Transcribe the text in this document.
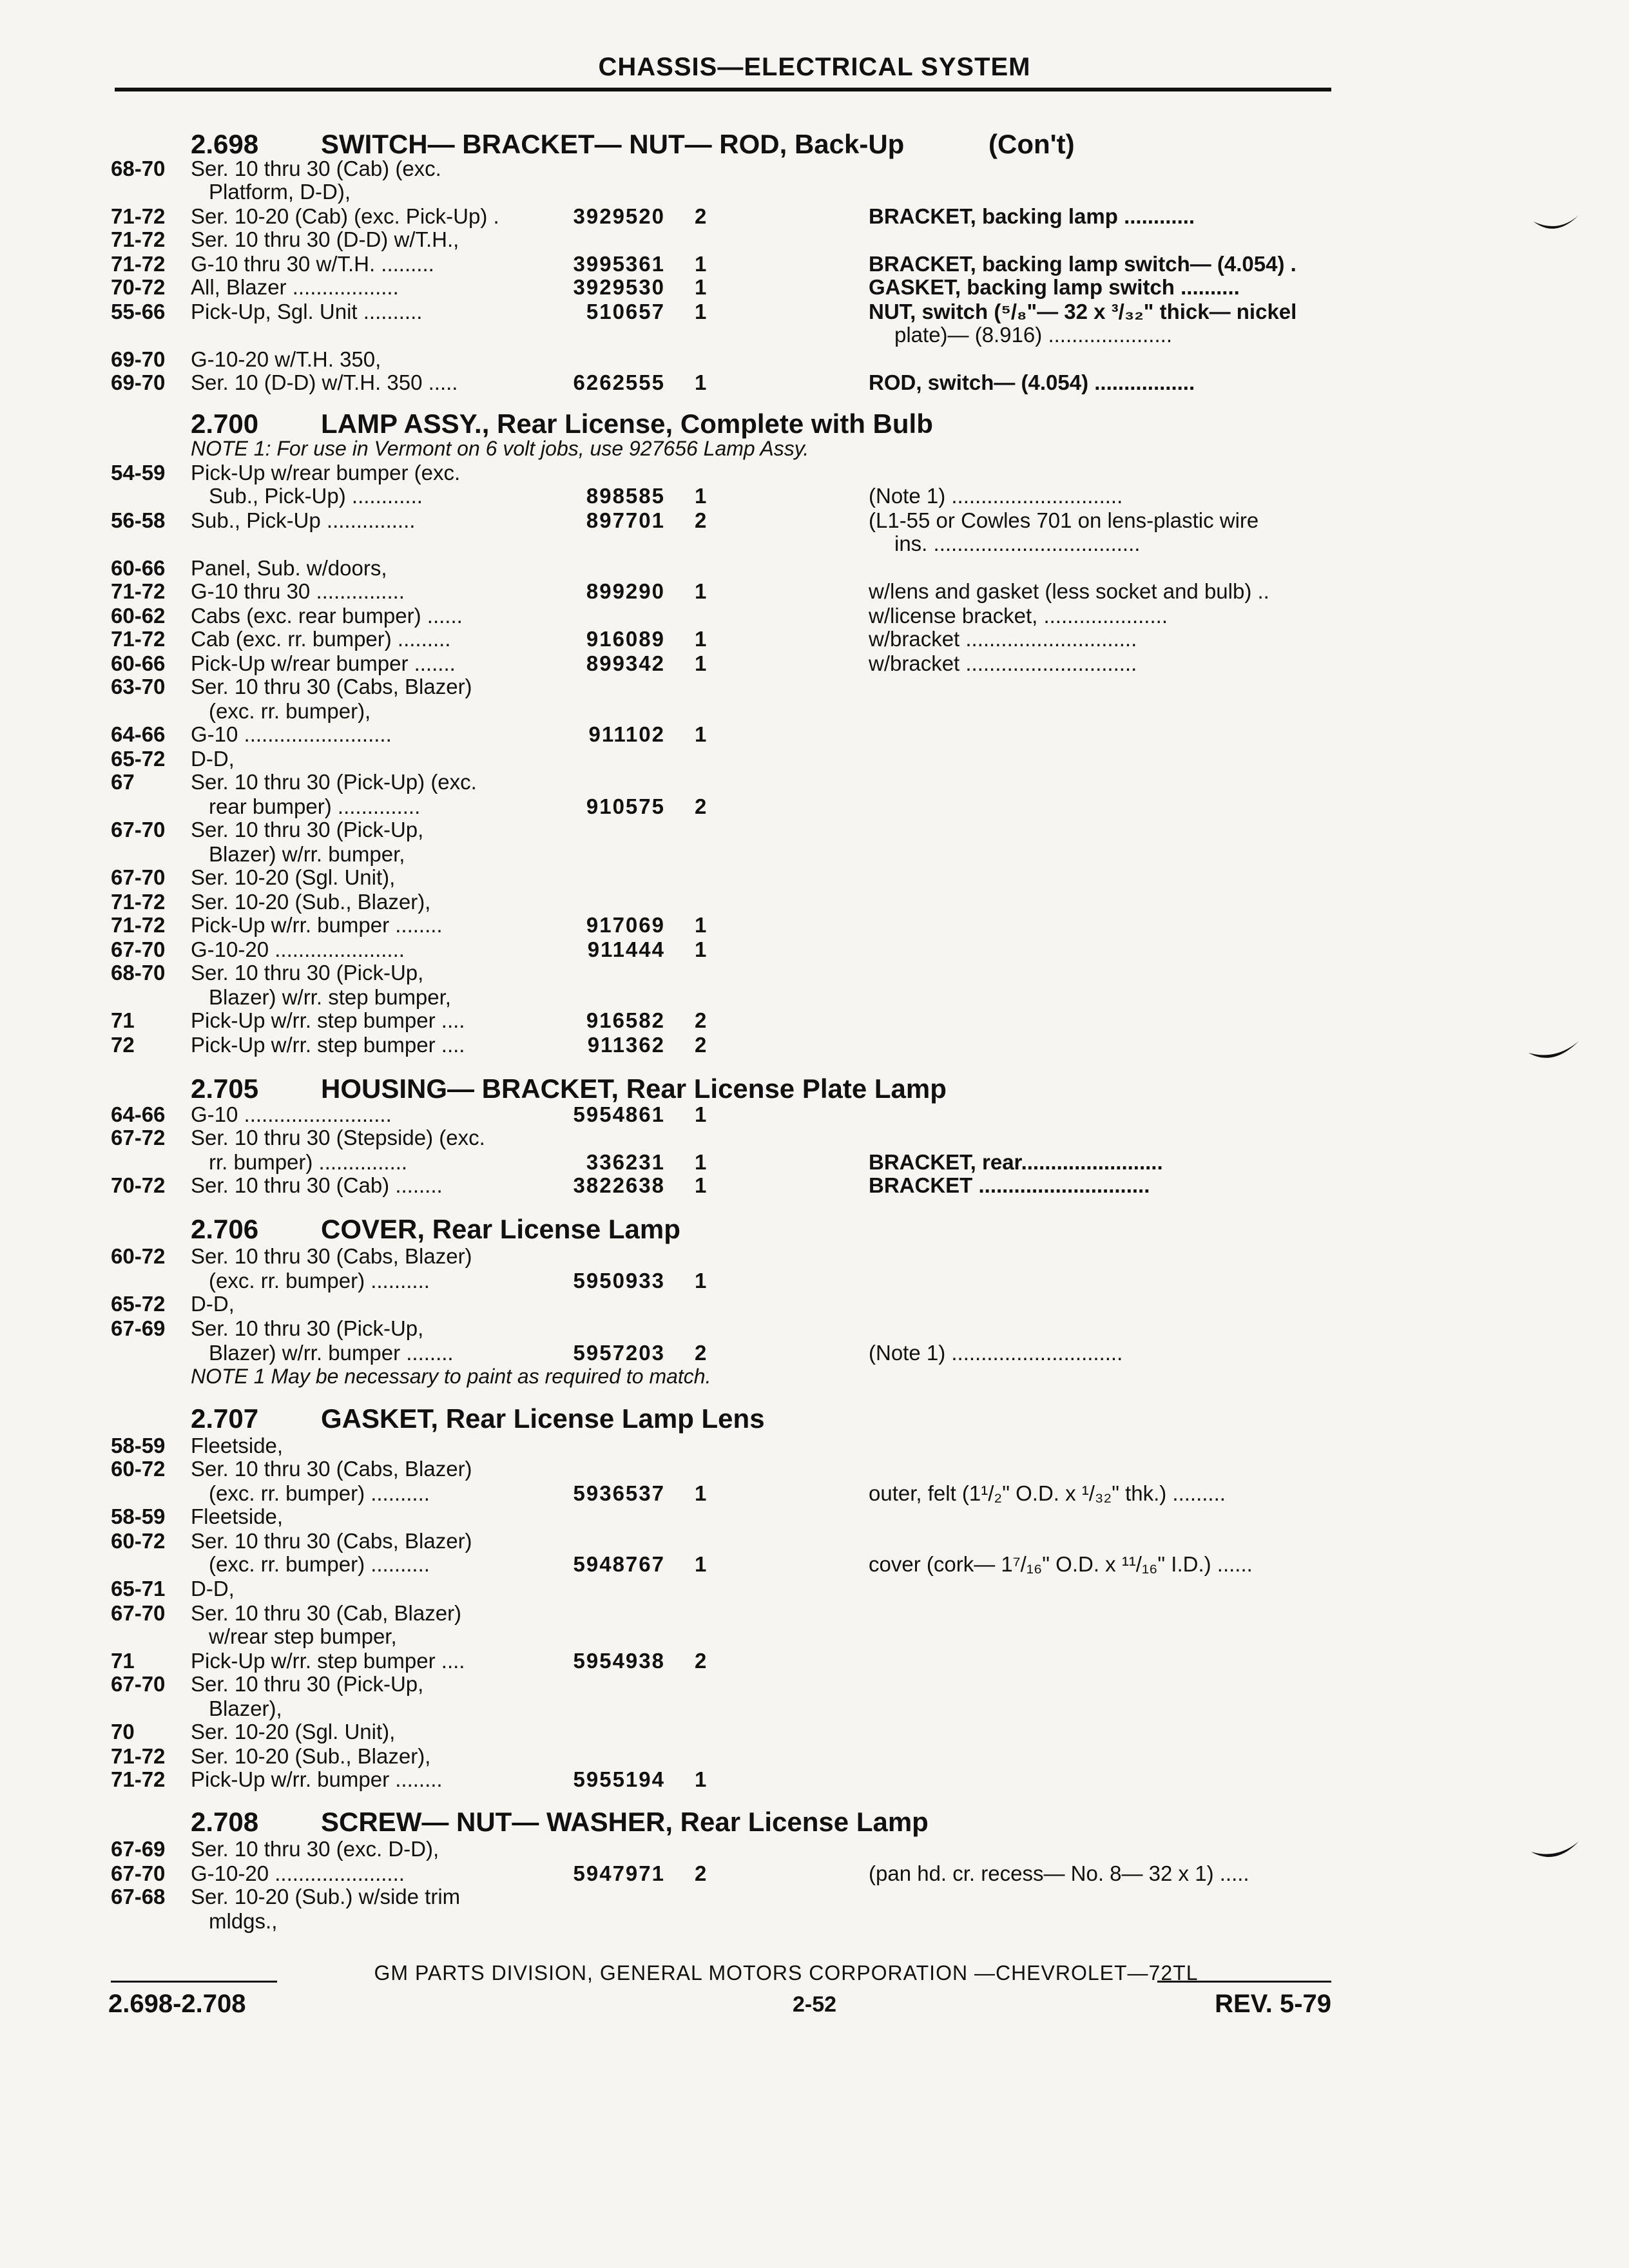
CHASSIS—ELECTRICAL SYSTEM
2.698 SWITCH— BRACKET— NUT— ROD, Back-Up	(Con't)
68-70	Ser. 10 thru 30 (Cab) (exc.
Platform, D-D),
71-72	Ser. 10-20 (Cab) (exc. Pick-Up) .	3929520 2	BRACKET, backing lamp ............
71-72	Ser. 10 thru 30 (D-D) w/T.H.,
71-72	G-10 thru 30 w/T.H. .........	3995361 1	BRACKET, backing lamp switch— (4.054) .
70-72	All, Blazer ..................	3929530 1	GASKET, backing lamp switch ..........
55-66	Pick-Up, Sgl. Unit ..........	510657 1	NUT, switch (⁵/₈"— 32 x ³/₃₂" thick— nickel
plate)— (8.916) .....................
69-70	G-10-20 w/T.H. 350,
69-70	Ser. 10 (D-D) w/T.H. 350 .....	6262555 1	ROD, switch— (4.054) .................
2.700 LAMP ASSY., Rear License, Complete with Bulb
NOTE 1: For use in Vermont on 6 volt jobs, use 927656 Lamp Assy.
54-59	Pick-Up w/rear bumper (exc.
Sub., Pick-Up) ............	898585 1	(Note 1) .............................
56-58	Sub., Pick-Up ...............	897701 2	(L1-55 or Cowles 701 on lens-plastic wire
ins. ...................................
60-66	Panel, Sub. w/doors,
71-72	G-10 thru 30 ...............	899290 1	w/lens and gasket (less socket and bulb) ..
60-62	Cabs (exc. rear bumper) ......	w/license bracket, .....................
71-72	Cab (exc. rr. bumper) .........	916089 1	w/bracket .............................
60-66	Pick-Up w/rear bumper .......	899342 1	w/bracket .............................
63-70	Ser. 10 thru 30 (Cabs, Blazer)
(exc. rr. bumper),
64-66	G-10 .........................	911102 1
65-72	D-D,
67	Ser. 10 thru 30 (Pick-Up) (exc.
rear bumper) ..............	910575 2
67-70	Ser. 10 thru 30 (Pick-Up,
Blazer) w/rr. bumper,
67-70	Ser. 10-20 (Sgl. Unit),
71-72	Ser. 10-20 (Sub., Blazer),
71-72	Pick-Up w/rr. bumper ........	917069 1
67-70	G-10-20 ......................	911444 1
68-70	Ser. 10 thru 30 (Pick-Up,
Blazer) w/rr. step bumper,
71	Pick-Up w/rr. step bumper ....	916582 2
72	Pick-Up w/rr. step bumper ....	911362 2
2.705 HOUSING— BRACKET, Rear License Plate Lamp
64-66	G-10 .........................	5954861 1
67-72	Ser. 10 thru 30 (Stepside) (exc.
rr. bumper) ...............	336231 1	BRACKET, rear........................
70-72	Ser. 10 thru 30 (Cab) ........	3822638 1	BRACKET .............................
2.706 COVER, Rear License Lamp
60-72	Ser. 10 thru 30 (Cabs, Blazer)
(exc. rr. bumper) ..........	5950933 1
65-72	D-D,
67-69	Ser. 10 thru 30 (Pick-Up,
Blazer) w/rr. bumper ........	5957203 2	(Note 1) .............................
NOTE 1 May be necessary to paint as required to match.
2.707 GASKET, Rear License Lamp Lens
58-59	Fleetside,
60-72	Ser. 10 thru 30 (Cabs, Blazer)
(exc. rr. bumper) ..........	5936537 1	outer, felt (1¹/₂" O.D. x ¹/₃₂" thk.) .........
58-59	Fleetside,
60-72	Ser. 10 thru 30 (Cabs, Blazer)
(exc. rr. bumper) ..........	5948767 1	cover (cork— 1⁷/₁₆" O.D. x ¹¹/₁₆" I.D.) ......
65-71	D-D,
67-70	Ser. 10 thru 30 (Cab, Blazer)
w/rear step bumper,
71	Pick-Up w/rr. step bumper ....	5954938 2
67-70	Ser. 10 thru 30 (Pick-Up,
Blazer),
70	Ser. 10-20 (Sgl. Unit),
71-72	Ser. 10-20 (Sub., Blazer),
71-72	Pick-Up w/rr. bumper ........	5955194 1
2.708 SCREW— NUT— WASHER, Rear License Lamp
67-69	Ser. 10 thru 30 (exc. D-D),
67-70	G-10-20 ......................	5947971 2	(pan hd. cr. recess— No. 8— 32 x 1) .....
67-68	Ser. 10-20 (Sub.) w/side trim
mldgs.,
GM PARTS DIVISION, GENERAL MOTORS CORPORATION —CHEVROLET—72TL
2.698-2.708	2-52	REV. 5-79
